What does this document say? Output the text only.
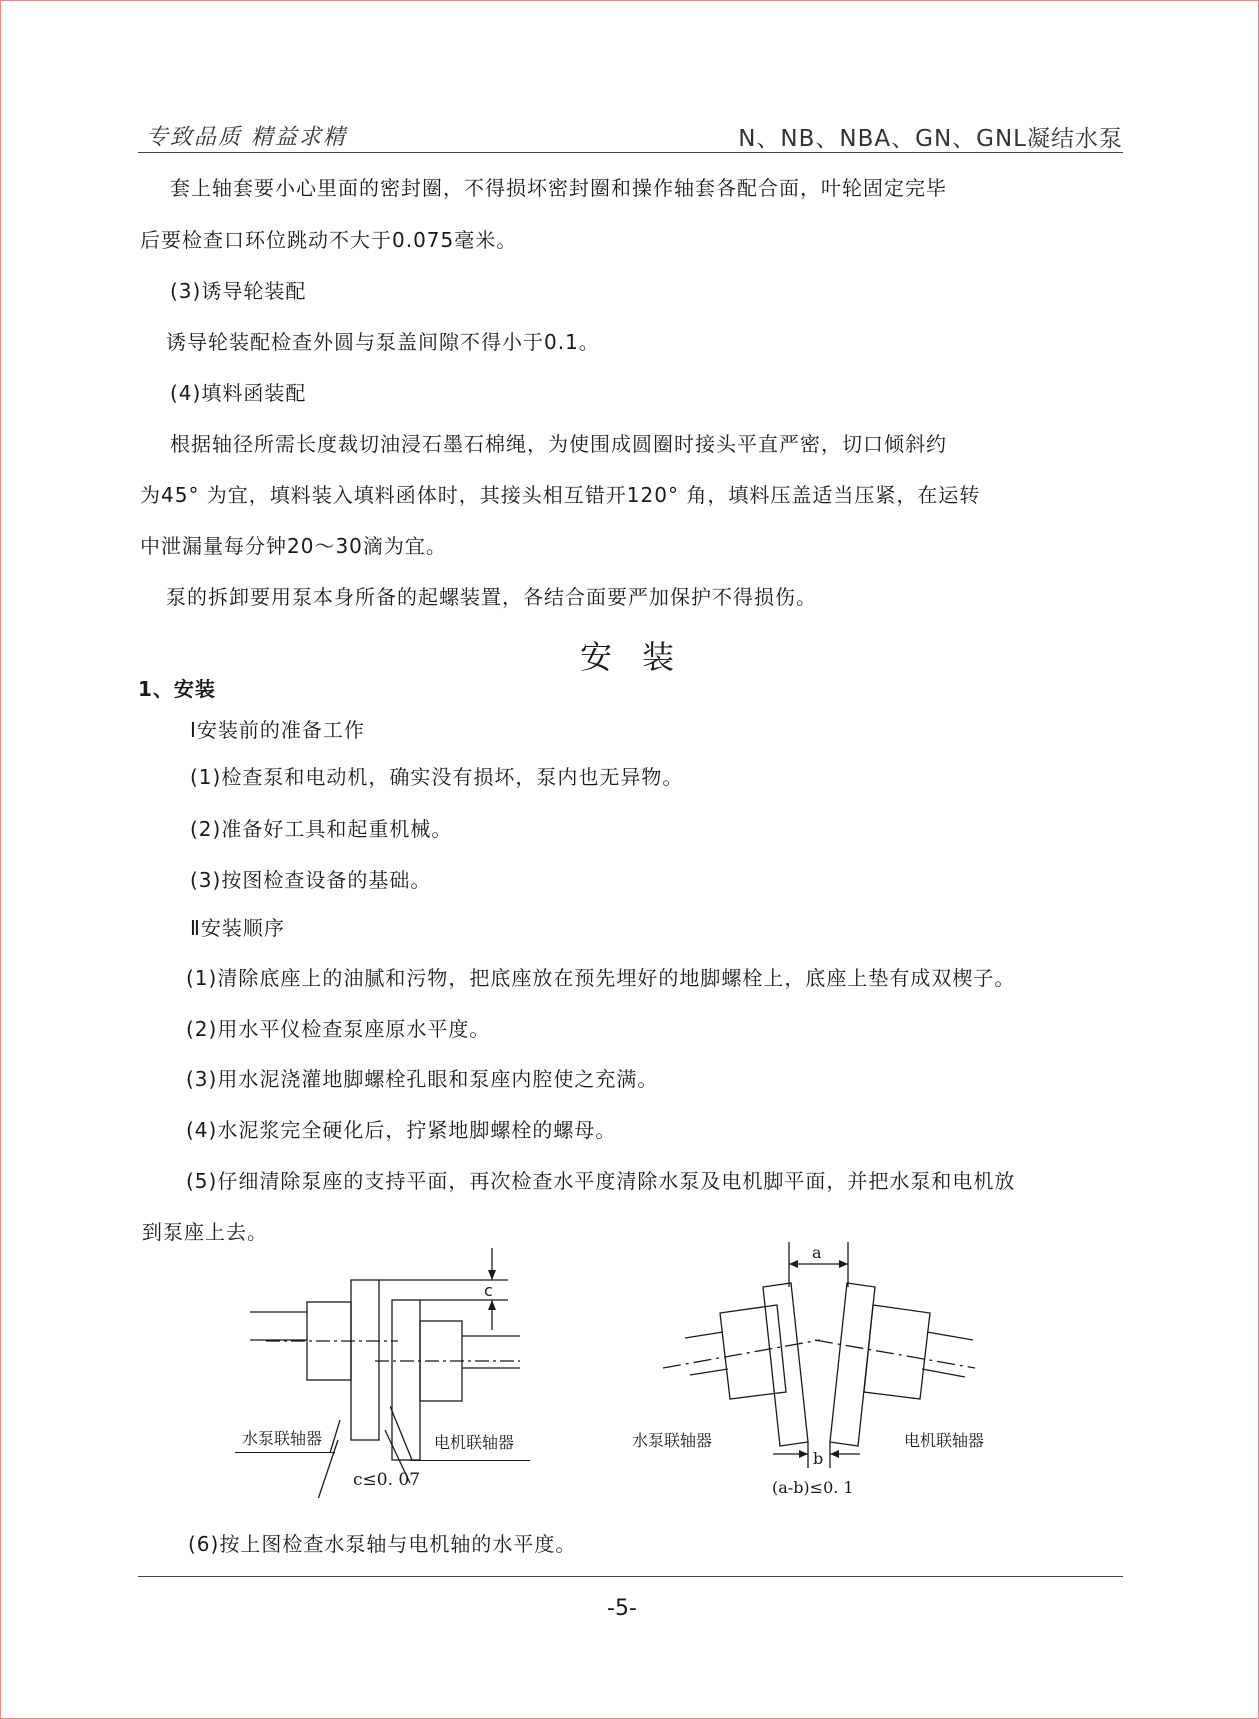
专致品质 精益求精	N、NB、NBA、GN、GNL凝结水泵
套上轴套要小心里面的密封圈，不得损坏密封圈和操作轴套各配合面，叶轮固定完毕
后要检查口环位跳动不大于0.075毫米。
(3)诱导轮装配
诱导轮装配检查外圆与泵盖间隙不得小于0.1。
(4)填料函装配
根据轴径所需长度裁切油浸石墨石棉绳，为使围成圆圈时接头平直严密，切口倾斜约
为45° 为宜，填料装入填料函体时，其接头相互错开120° 角，填料压盖适当压紧，在运转
中泄漏量每分钟20～30滴为宜。
泵的拆卸要用泵本身所备的起螺装置，各结合面要严加保护不得损伤。
安装
1、安装
Ⅰ安装前的准备工作
(1)检查泵和电动机，确实没有损坏，泵内也无异物。
(2)准备好工具和起重机械。
(3)按图检查设备的基础。
Ⅱ安装顺序
(1)清除底座上的油腻和污物，把底座放在预先埋好的地脚螺栓上，底座上垫有成双楔子。
(2)用水平仪检查泵座原水平度。
(3)用水泥浇灌地脚螺栓孔眼和泵座内腔使之充满。
(4)水泥浆完全硬化后，拧紧地脚螺栓的螺母。
(5)仔细清除泵座的支持平面，再次检查水平度清除水泵及电机脚平面，并把水泵和电机放
到泵座上去。
c
水泵联轴器	电机联轴器
c≤0. 07
a
b
水泵联轴器	电机联轴器
(a-b)≤0. 1
(6)按上图检查水泵轴与电机轴的水平度。
-5-
